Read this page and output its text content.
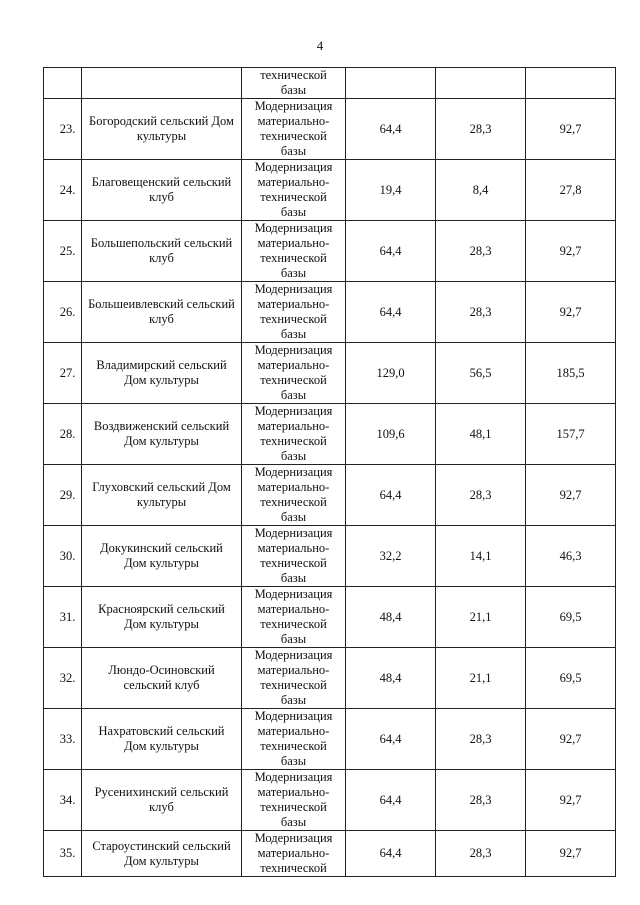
4

		технической
базы			

23.	Богородский сельский Дом культуры	Модернизация
материально-
технической
базы	64,4	28,3	92,7
24.	Благовещенский сельский клуб	Модернизация
материально-
технической
базы	19,4	8,4	27,8
25.	Большепольский сельский клуб	Модернизация
материально-
технической
базы	64,4	28,3	92,7
26.	Большеивлевский сельский клуб	Модернизация
материально-
технической
базы	64,4	28,3	92,7
27.	Владимирский сельский Дом культуры	Модернизация
материально-
технической
базы	129,0	56,5	185,5
28.	Воздвиженский сельский Дом культуры	Модернизация
материально-
технической
базы	109,6	48,1	157,7
29.	Глуховский сельский Дом культуры	Модернизация
материально-
технической
базы	64,4	28,3	92,7
30.	Докукинский сельский Дом культуры	Модернизация
материально-
технической
базы	32,2	14,1	46,3
31.	Красноярский сельский Дом культуры	Модернизация
материально-
технической
базы	48,4	21,1	69,5
32.	Люндо-Осиновский сельский клуб	Модернизация
материально-
технической
базы	48,4	21,1	69,5
33.	Нахратовский сельский Дом культуры	Модернизация
материально-
технической
базы	64,4	28,3	92,7
34.	Русенихинский сельский клуб	Модернизация
материально-
технической
базы	64,4	28,3	92,7
35.	Староустинский сельский Дом культуры	Модернизация
материально-
технической	64,4	28,3	92,7
